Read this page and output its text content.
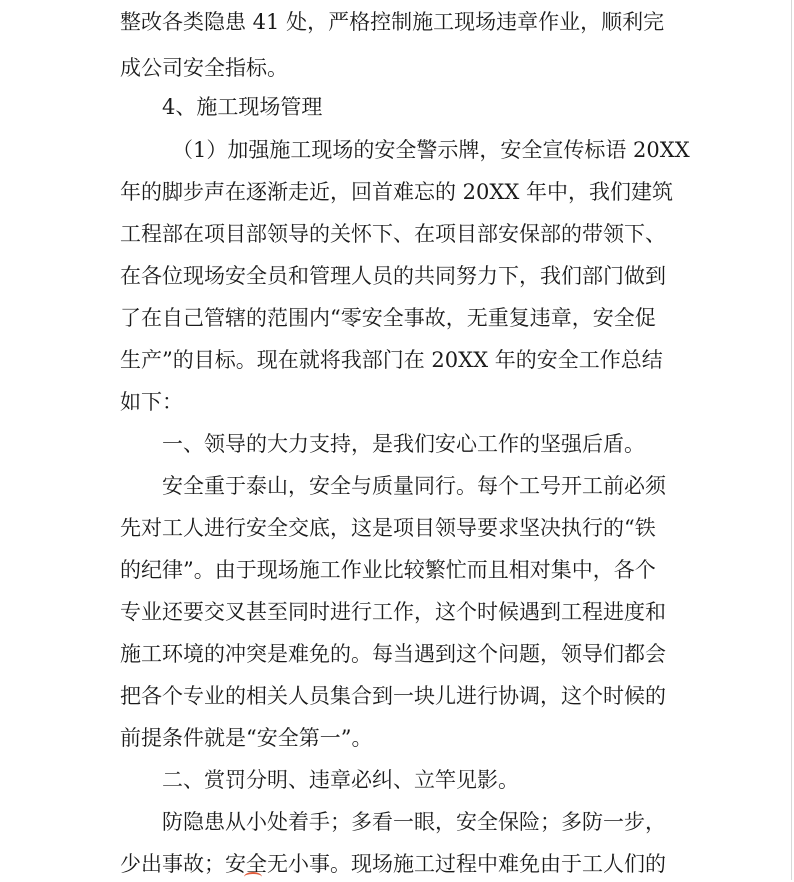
整改各类隐患 41 处，严格控制施工现场违章作业，顺利完
成公司安全指标。
4、施工现场管理
（1）加强施工现场的安全警示牌，安全宣传标语 20XX
年的脚步声在逐渐走近，回首难忘的 20XX 年中，我们建筑
工程部在项目部领导的关怀下、在项目部安保部的带领下、
在各位现场安全员和管理人员的共同努力下，我们部门做到
了在自己管辖的范围内“零安全事故，无重复违章，安全促
生产”的目标。现在就将我部门在 20XX 年的安全工作总结
如下：
一、领导的大力支持，是我们安心工作的坚强后盾。
安全重于泰山，安全与质量同行。每个工号开工前必须
先对工人进行安全交底，这是项目领导要求坚决执行的“铁
的纪律”。由于现场施工作业比较繁忙而且相对集中，各个
专业还要交叉甚至同时进行工作，这个时候遇到工程进度和
施工环境的冲突是难免的。每当遇到这个问题，领导们都会
把各个专业的相关人员集合到一块儿进行协调，这个时候的
前提条件就是“安全第一”。
二、赏罚分明、违章必纠、立竿见影。
防隐患从小处着手；多看一眼，安全保险；多防一步，
少出事故；安全无小事。现场施工过程中难免由于工人们的
